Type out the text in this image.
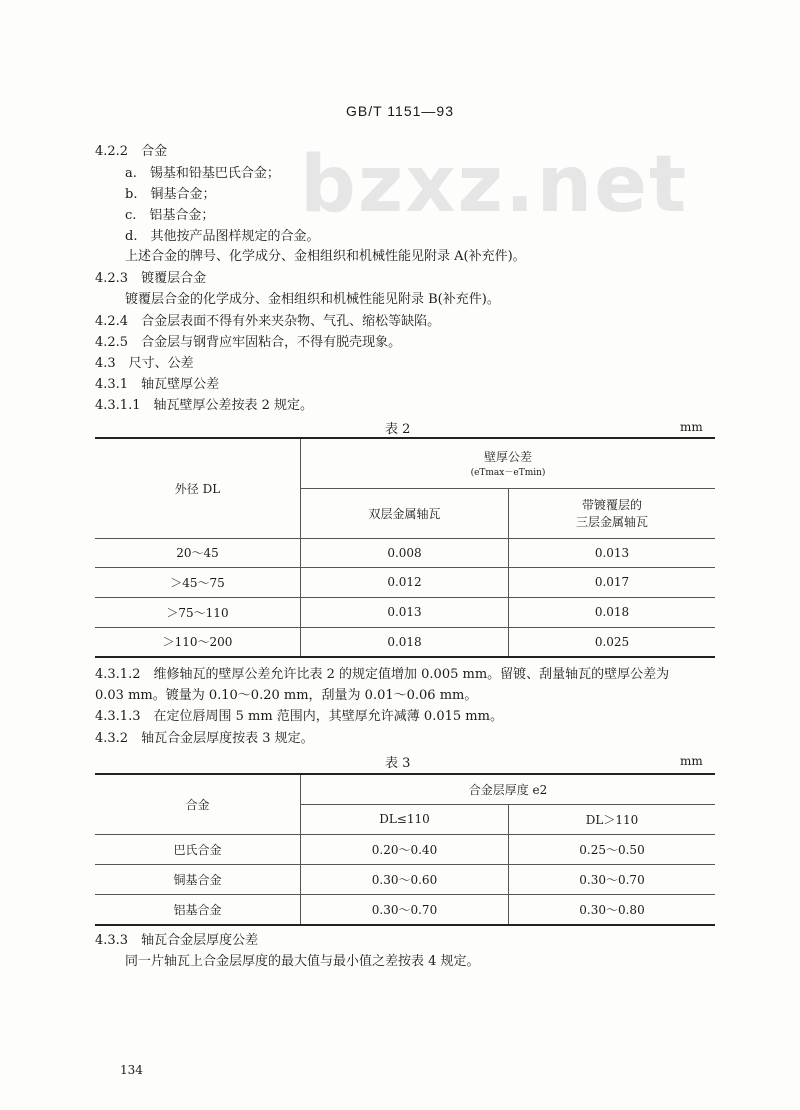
GB/T 1151—93
bzxz.net
4.2.2　合金
a.　锡基和铅基巴氏合金；
b.　铜基合金；
c.　铝基合金；
d.　其他按产品图样规定的合金。
上述合金的牌号、化学成分、金相组织和机械性能见附录 A(补充件)。
4.2.3　镀覆层合金
镀覆层合金的化学成分、金相组织和机械性能见附录 B(补充件)。
4.2.4　合金层表面不得有外来夹杂物、气孔、缩松等缺陷。
4.2.5　合金层与钢背应牢固粘合，不得有脱壳现象。
4.3　尺寸、公差
4.3.1　轴瓦壁厚公差
4.3.1.1　轴瓦壁厚公差按表 2 规定。
表 2	mm
外径 DL	壁厚公差
(eTmax－eTmin)	

	双层金属轴瓦	带镀覆层的
三层金属轴瓦

20～45	0.008	0.013
＞45～75	0.012	0.017
＞75～110	0.013	0.018
＞110～200	0.018	0.025
4.3.1.2　维修轴瓦的壁厚公差允许比表 2 的规定值增加 0.005 mm。留镀、刮量轴瓦的壁厚公差为
0.03 mm。镀量为 0.10～0.20 mm，刮量为 0.01～0.06 mm。
4.3.1.3　在定位唇周围 5 mm 范围内，其壁厚允许减薄 0.015 mm。
4.3.2　轴瓦合金层厚度按表 3 规定。
表 3	mm
合金	合金层厚度 e2	
	DL≤110	DL＞110
巴氏合金	0.20～0.40	0.25～0.50
铜基合金	0.30～0.60	0.30～0.70
铝基合金	0.30～0.70	0.30～0.80
4.3.3　轴瓦合金层厚度公差
同一片轴瓦上合金层厚度的最大值与最小值之差按表 4 规定。
134
